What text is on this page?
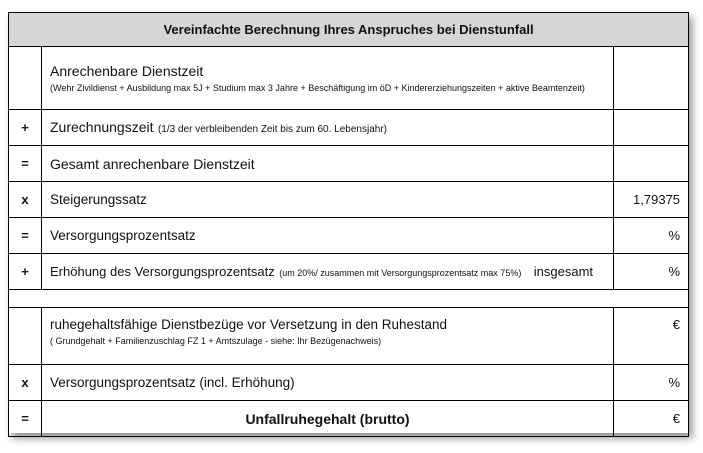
Vereinfachte Berechnung Ihres Anspruches bei Dienstunfall		

	Anrechenbare Dienstzeit
(Wehr Zivildienst + Ausbildung max 5J + Studium max 3 Jahre + Beschäftigung im öD + Kindererziehungszeiten + aktive Beamtenzeit)	

+	Zurechnungszeit (1/3 der verbleibenden Zeit bis zum 60. Lebensjahr)	
=	Gesamt anrechenbare Dienstzeit	
x	Steigerungssatz	1,79375
=	Versorgungsprozentsatz	%
+	Erhöhung des Versorgungsprozentsatz (um 20%/ zusammen mit Versorgungsprozentsatz max 75%) insgesamt	%

	ruhegehaltsfähige Dienstbezüge vor Versetzung in den Ruhestand
( Grundgehalt + Familienzuschlag FZ 1 + Amtszulage - siehe: Ihr Bezügenachweis)	€
x	Versorgungsprozentsatz (incl. Erhöhung)	%
=	Unfallruhegehalt (brutto)	€
